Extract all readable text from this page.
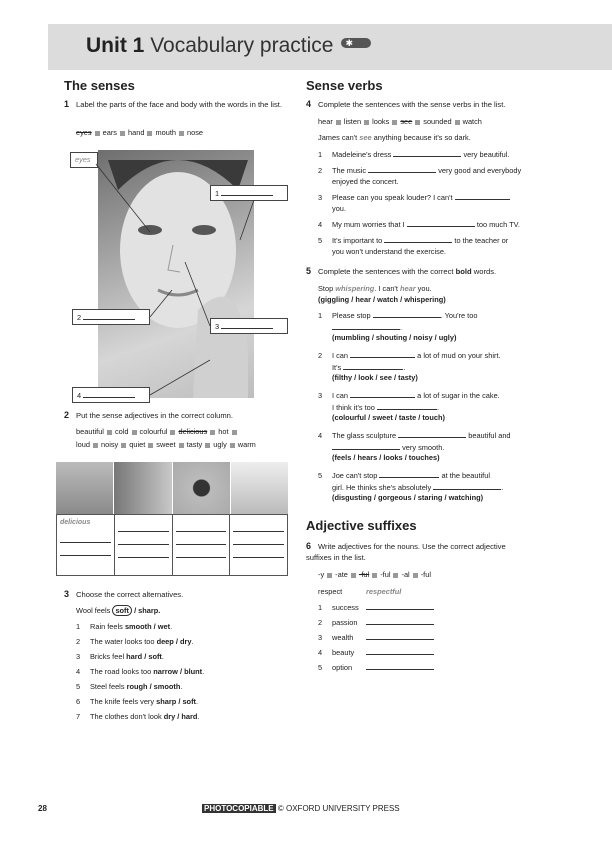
Unit 1 Vocabulary practice ✱
The senses
1 Label the parts of the face and body with the words in the list.
eyes ears hand mouth nose
eyes
1
2
3
4
2 Put the sense adjectives in the correct column.
beautiful cold colourful delicious hot
loud noisy quiet sweet tasty ugly warm
delicious
3 Choose the correct alternatives.
Wool feels soft / sharp.
1 Rain feels smooth / wet.
2 The water looks too deep / dry.
3 Bricks feel hard / soft.
4 The road looks too narrow / blunt.
5 Steel feels rough / smooth.
6 The knife feels very sharp / soft.
7 The clothes don't look dry / hard.
Sense verbs
4 Complete the sentences with the sense verbs in the list.
hear listen looks see sounded watch
James can't see anything because it's so dark.
1 Madeleine's dress	very beautiful.
2 The music	very good and everybody
enjoyed the concert.
3 Please can you speak louder? I can't
you.
4 My mum worries that I	too much TV.
5 It's important to	to the teacher or
you won't understand the exercise.
5 Complete the sentences with the correct bold words.
Stop whispering. I can't hear you.
(giggling / hear / watch / whispering)
1 Please stop	. You're too
.
(mumbling / shouting / noisy / ugly)
2 I can	a lot of mud on your shirt.
It's	.
(filthy / look / see / tasty)
3 I can	a lot of sugar in the cake.
I think it's too	.
(colourful / sweet / taste / touch)
4 The glass sculpture	beautiful and
very smooth.
(feels / hears / looks / touches)
5 Joe can't stop	at the beautiful
girl. He thinks she's absolutely	.
(disgusting / gorgeous / staring / watching)
Adjective suffixes
6 Write adjectives for the nouns. Use the correct adjective suffixes in the list.
-y -ate -ful -ful -al -ful
respect	respectful
1 success
2 passion
3 wealth
4 beauty
5 option
28	PHOTOCOPIABLE © OXFORD UNIVERSITY PRESS
